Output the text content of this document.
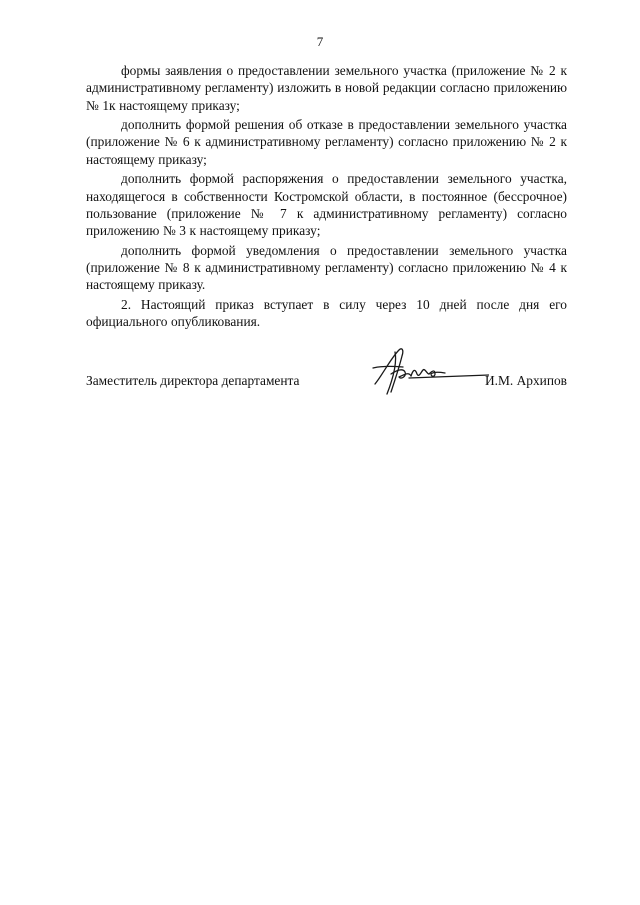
7

формы заявления о предоставлении земельного участка (приложение № 2 к административному регламенту) изложить в новой редакции согласно приложению № 1к настоящему приказу;

дополнить формой решения об отказе в предоставлении земельного участка (приложение № 6 к административному регламенту) согласно приложению № 2 к настоящему приказу;

дополнить формой распоряжения о предоставлении земельного участка, находящегося в собственности Костромской области, в постоянное (бессрочное) пользование (приложение № 7 к административному регламенту) согласно приложению № 3 к настоящему приказу;

дополнить формой уведомления о предоставлении земельного участка (приложение № 8 к административному регламенту) согласно приложению № 4 к настоящему приказу.

2. Настоящий приказ вступает в силу через 10 дней после дня его официального опубликования.

Заместитель директора департамента	И.М. Архипов
